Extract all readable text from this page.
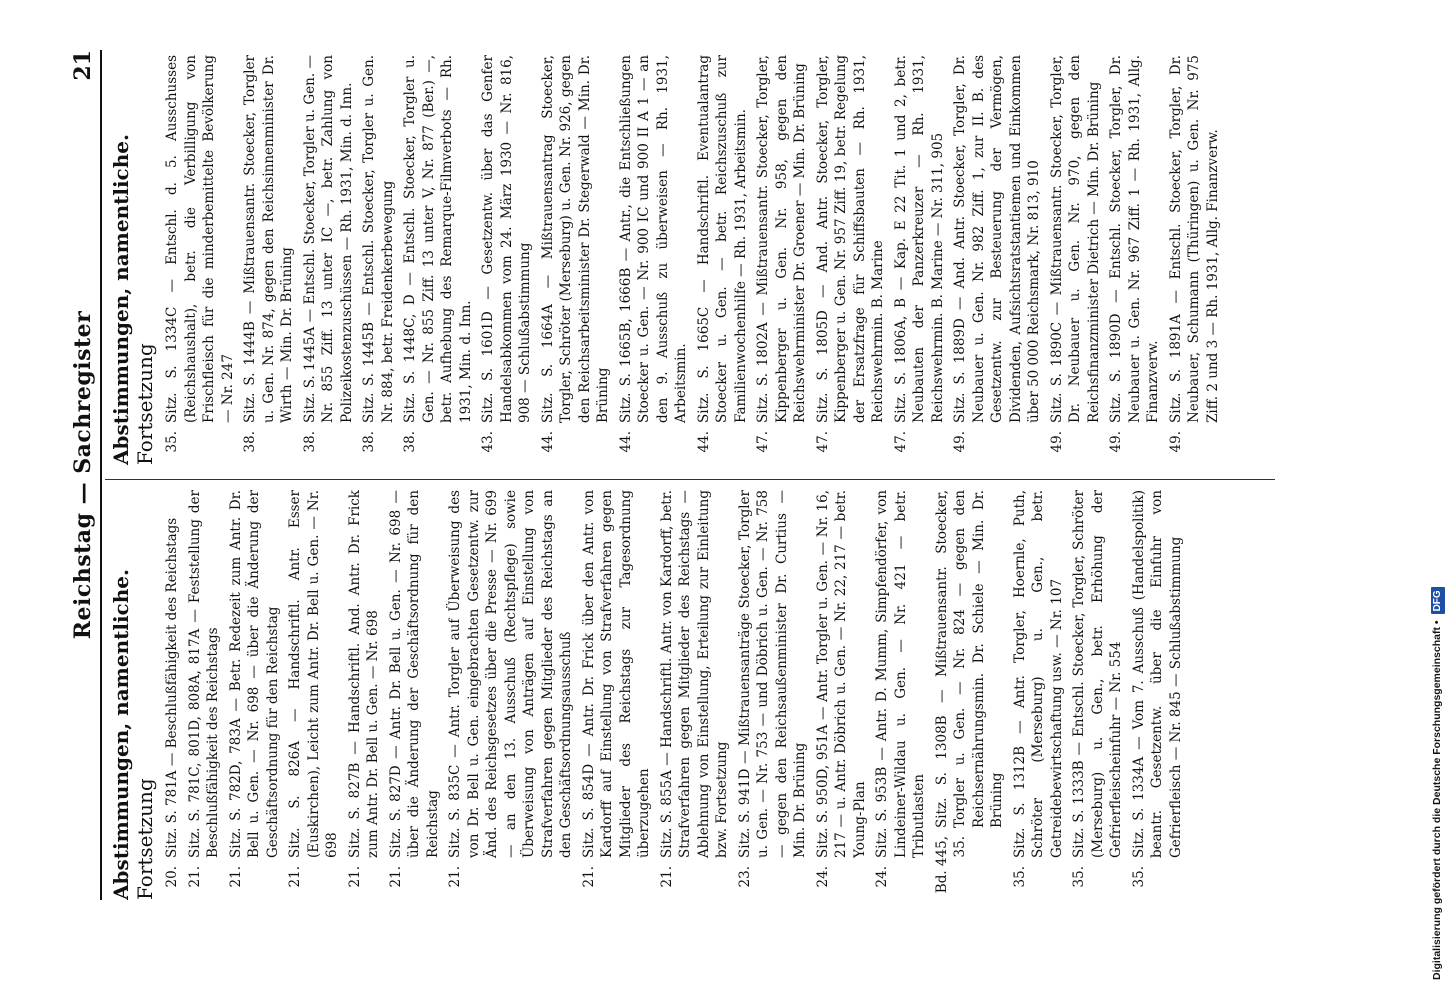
Reichstag — Sachregister
21
Abstimmungen, namentliche. Fortsetzung 20.
Sitz. S. 781A — Beschlußfähigkeit des Reichstags
21.
Sitz. S. 781C, 801D, 808A, 817A — Feststellung der Beschlußfähigkeit des Reichstags
21.
Sitz. S. 782D, 783A — Betr. Redezeit zum Antr. Dr. Bell u. Gen. — Nr. 698 — über die Änderung der Geschäftsordnung für den Reichstag
21.
Sitz. S. 826A — Handschriftl. Antr. Esser (Euskirchen), Leicht zum Antr. Dr. Bell u. Gen. — Nr. 698
21.
Sitz. S. 827B — Handschriftl. And. Antr. Dr. Frick zum Antr. Dr. Bell u. Gen. — Nr. 698
21.
Sitz. S. 827D — Antr. Dr. Bell u. Gen. — Nr. 698 — über die Änderung der Geschäftsordnung für den Reichstag
21.
Sitz. S. 835C — Antr. Torgler auf Überweisung des von Dr. Bell u. Gen. eingebrachten Gesetzentw. zur Änd. des Reichsgesetzes über die Presse — Nr. 699 — an den 13. Ausschuß (Rechtspflege) sowie Überweisung von Anträgen auf Einstellung von Strafverfahren gegen Mitglieder des Reichstags an den Geschäftsordnungsausschuß
21.
Sitz. S. 854D — Antr. Dr. Frick über den Antr. von Kardorff auf Einstellung von Strafverfahren gegen Mitglieder des Reichstags zur Tagesordnung überzugehen
21.
Sitz. S. 855A — Handschriftl. Antr. von Kardorff, betr. Strafverfahren gegen Mitglieder des Reichstags — Ablehnung von Einstellung, Erteilung zur Einleitung bzw. Fortsetzung
23.
Sitz. S. 941D — Mißtrauensanträge Stoecker, Torgler u. Gen. — Nr. 753 — und Döbrich u. Gen. — Nr. 758 — gegen den Reichsaußenminister Dr. Curtius — Min. Dr. Brüning
24.
Sitz. S. 950D, 951A — Antr. Torgler u. Gen. — Nr. 16, 217 — u. Antr. Döbrich u. Gen. — Nr. 22, 217 — betr. Young-Plan
24.
Sitz. S. 953B — Antr. D. Mumm, Simpfendörfer, von Lindeiner-Wildau u. Gen. — Nr. 421 — betr. Tributlasten
Bd. 445, 35.
Sitz. S. 1308B — Mißtrauensantr. Stoecker, Torgler u. Gen. — Nr. 824 — gegen den Reichsernährungsmin. Dr. Schiele — Min. Dr. Brüning
35.
Sitz. S. 1312B — Antr. Torgler, Hoernle, Puth, Schröter (Merseburg) u. Gen., betr. Getreidebewirtschaftung usw. — Nr. 107
35.
Sitz. S. 1333B — Entschl. Stoecker, Torgler, Schröter (Merseburg) u. Gen., betr. Erhöhung der Gefrierfleischeinfuhr — Nr. 554
35.
Sitz. S. 1334A — Vom 7. Ausschuß (Handelspolitik) beantr. Gesetzentw. über die Einfuhr von Gefrierfleisch — Nr. 845 — Schlußabstimmung
Abstimmungen, namentliche. Fortsetzung 35.
Sitz. S. 1334C — Entschl. d. 5. Ausschusses (Reichshaushalt), betr. die Verbilligung von Frischfleisch für die minderbemittelte Bevölkerung — Nr. 247
38.
Sitz. S. 1444B — Mißtrauensantr. Stoecker, Torgler u. Gen. Nr. 874, gegen den Reichsinnenminister Dr. Wirth — Min. Dr. Brüning
38.
Sitz. S. 1445A — Entschl. Stoecker, Torgler u. Gen. — Nr. 855 Ziff. 13 unter IC —, betr. Zahlung von Polizeikostenzuschüssen — Rh. 1931, Min. d. Inn.
38.
Sitz. S. 1445B — Entschl. Stoecker, Torgler u. Gen. Nr. 884, betr. Freidenkerbewegung
38.
Sitz. S. 1448C, D — Entschl. Stoecker, Torgler u. Gen. — Nr. 855 Ziff. 13 unter V, Nr. 877 (Ber.) —, betr. Aufhebung des Remarque-Filmverbots — Rh. 1931, Min. d. Inn.
43.
Sitz. S. 1601D — Gesetzentw. über das Genfer Handelsabkommen vom 24. März 1930 — Nr. 816, 908 — Schlußabstimmung
44.
Sitz. S. 1664A — Mißtrauensantrag Stoecker, Torgler, Schröter (Merseburg) u. Gen. Nr. 926, gegen den Reichsarbeitsminister Dr. Stegerwald — Min. Dr. Brüning
44.
Sitz. S. 1665B, 1666B — Antr., die Entschließungen Stoecker u. Gen. — Nr. 900 IC und 900 II A 1 — an den 9. Ausschuß zu überweisen — Rh. 1931, Arbeitsmin.
44.
Sitz. S. 1665C — Handschriftl. Eventualantrag Stoecker u. Gen. — betr. Reichszuschuß zur Familienwochenhilfe — Rh. 1931, Arbeitsmin.
47.
Sitz. S. 1802A — Mißtrauensantr. Stoecker, Torgler, Kippenberger u. Gen. Nr. 958, gegen den Reichswehrminister Dr. Groener — Min. Dr. Brüning
47.
Sitz. S. 1805D — And. Antr. Stoecker, Torgler, Kippenberger u. Gen. Nr. 957 Ziff. 19, betr. Regelung der Ersatzfrage für Schiffsbauten — Rh. 1931, Reichswehrmin. B. Marine
47.
Sitz. S. 1806A, B — Kap. E 22 Tit. 1 und 2, betr. Neubauten der Panzerkreuzer — Rh. 1931, Reichswehrmin. B. Marine — Nr. 311, 905
49.
Sitz. S. 1889D — And. Antr. Stoecker, Torgler, Dr. Neubauer u. Gen. Nr. 982 Ziff. 1, zur II. B. des Gesetzentw. zur Besteuerung der Vermögen, Dividenden, Aufsichtsratstantiemen und Einkommen über 50 000 Reichsmark, Nr. 813, 910
49.
Sitz. S. 1890C — Mißtrauensantr. Stoecker, Torgler, Dr. Neubauer u. Gen. Nr. 970, gegen den Reichsfinanzminister Dietrich — Min. Dr. Brüning
49.
Sitz. S. 1890D — Entschl. Stoecker, Torgler, Dr. Neubauer u. Gen. Nr. 967 Ziff. 1 — Rh. 1931, Allg. Finanzverw.
49.
Sitz. S. 1891A — Entschl. Stoecker, Torgler, Dr. Neubauer, Schumann (Thüringen) u. Gen. Nr. 975 Ziff. 2 und 3 — Rh. 1931, Allg. Finanzverw.
Digitalisierung gefördert durch die Deutsche Forschungsgemeinschaft •DFG
